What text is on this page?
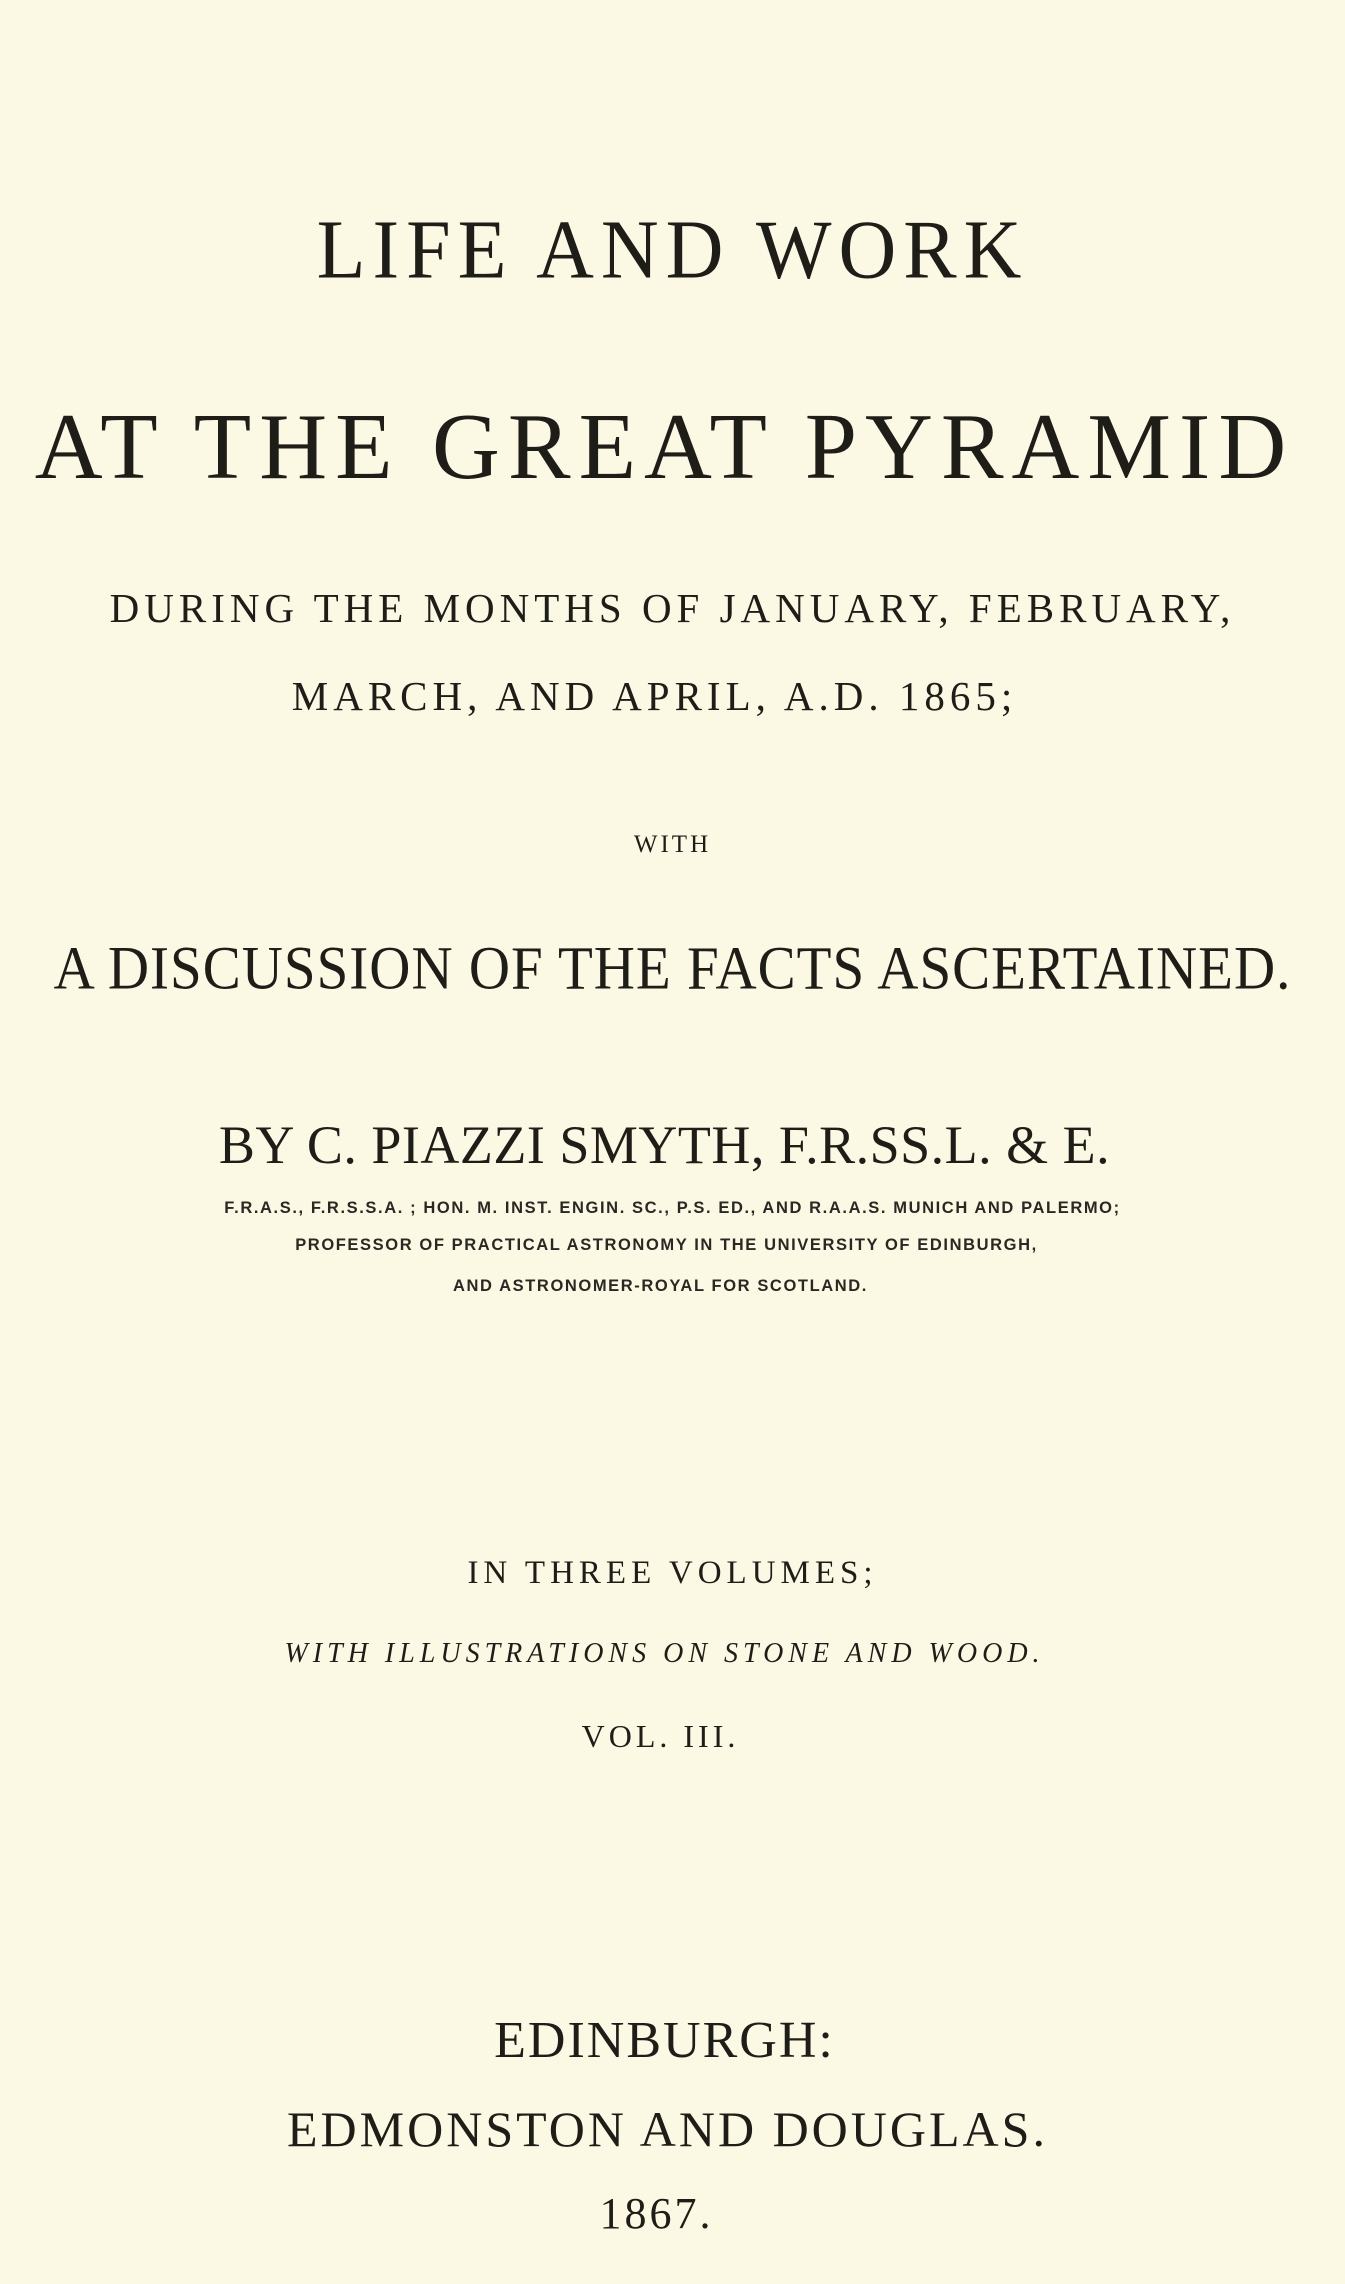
LIFE AND WORK
AT THE GREAT PYRAMID
DURING THE MONTHS OF JANUARY, FEBRUARY,
MARCH, AND APRIL, A.D. 1865;
WITH
A DISCUSSION OF THE FACTS ASCERTAINED.
BY C. PIAZZI SMYTH, F.R.SS.L. & E.
F.R.A.S., F.R.S.S.A. ; HON. M. INST. ENGIN. SC., P.S. ED., AND R.A.A.S. MUNICH AND PALERMO;
PROFESSOR OF PRACTICAL ASTRONOMY IN THE UNIVERSITY OF EDINBURGH,
AND ASTRONOMER-ROYAL FOR SCOTLAND.
IN THREE VOLUMES;
WITH ILLUSTRATIONS ON STONE AND WOOD.
VOL. III.
EDINBURGH:
EDMONSTON AND DOUGLAS.
1867.
